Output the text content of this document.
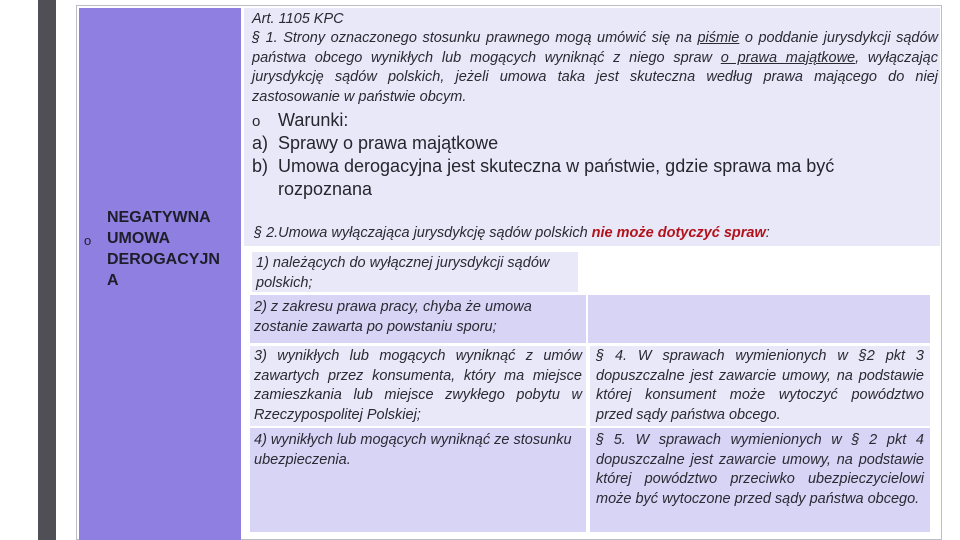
o
NEGATYWNA
UMOWA
DEROGACYJN
A
Art. 1105 KPC
§ 1. Strony oznaczonego stosunku prawnego mogą umówić się na piśmie o poddanie jurysdykcji sądów państwa obcego wynikłych lub mogących wyniknąć z niego spraw o prawa majątkowe, wyłączając jurysdykcję sądów polskich, jeżeli umowa taka jest skuteczna według prawa mającego do niej zastosowanie w państwie obcym.
o Warunki:
a) Sprawy o prawa majątkowe
b) Umowa derogacyjna jest skuteczna w państwie, gdzie sprawa ma być rozpoznana
§ 2.Umowa wyłączająca jurysdykcję sądów polskich nie może dotyczyć spraw:
1) należących do wyłącznej jurysdykcji sądów polskich;
2) z zakresu prawa pracy, chyba że umowa zostanie zawarta po powstaniu sporu;
3) wynikłych lub mogących wyniknąć z umów zawartych przez konsumenta, który ma miejsce zamieszkania lub miejsce zwykłego pobytu w Rzeczypospolitej Polskiej;
§ 4. W sprawach wymienionych w §2 pkt 3 dopuszczalne jest zawarcie umowy, na podstawie której konsument może wytoczyć powództwo przed sądy państwa obcego.
4) wynikłych lub mogących wyniknąć ze stosunku ubezpieczenia.
§ 5. W sprawach wymienionych w § 2 pkt 4 dopuszczalne jest zawarcie umowy, na podstawie której powództwo przeciwko ubezpieczycielowi może być wytoczone przed sądy państwa obcego.
